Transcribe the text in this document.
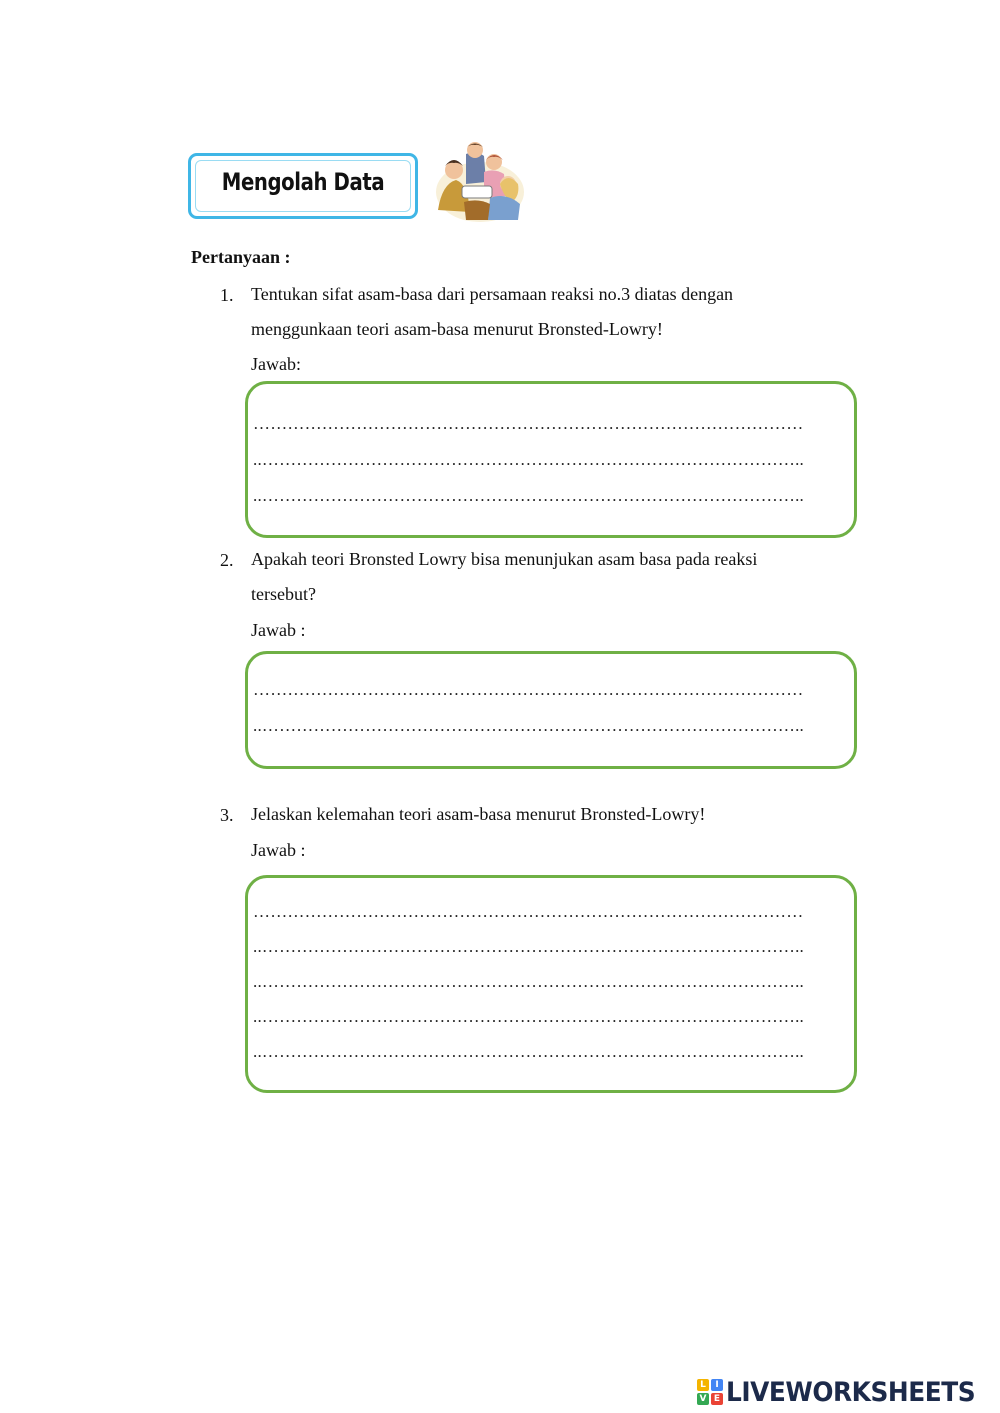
Mengolah Data
Pertanyaan :
1. Tentukan sifat asam-basa dari persamaan reaksi no.3 diatas dengan
menggunkaan teori asam-basa menurut Bronsted-Lowry!
Jawab:
……………………………………………………………………………………
..…………………………………………………………………………………..
..…………………………………………………………………………………..
2. Apakah teori Bronsted Lowry bisa menunjukan asam basa pada reaksi
tersebut?
Jawab :
……………………………………………………………………………………
..…………………………………………………………………………………..
3. Jelaskan kelemahan teori asam-basa menurut Bronsted-Lowry!
Jawab :
……………………………………………………………………………………
..…………………………………………………………………………………..
..…………………………………………………………………………………..
..…………………………………………………………………………………..
..…………………………………………………………………………………..
L	I
V E LIVEWORKSHEETS
